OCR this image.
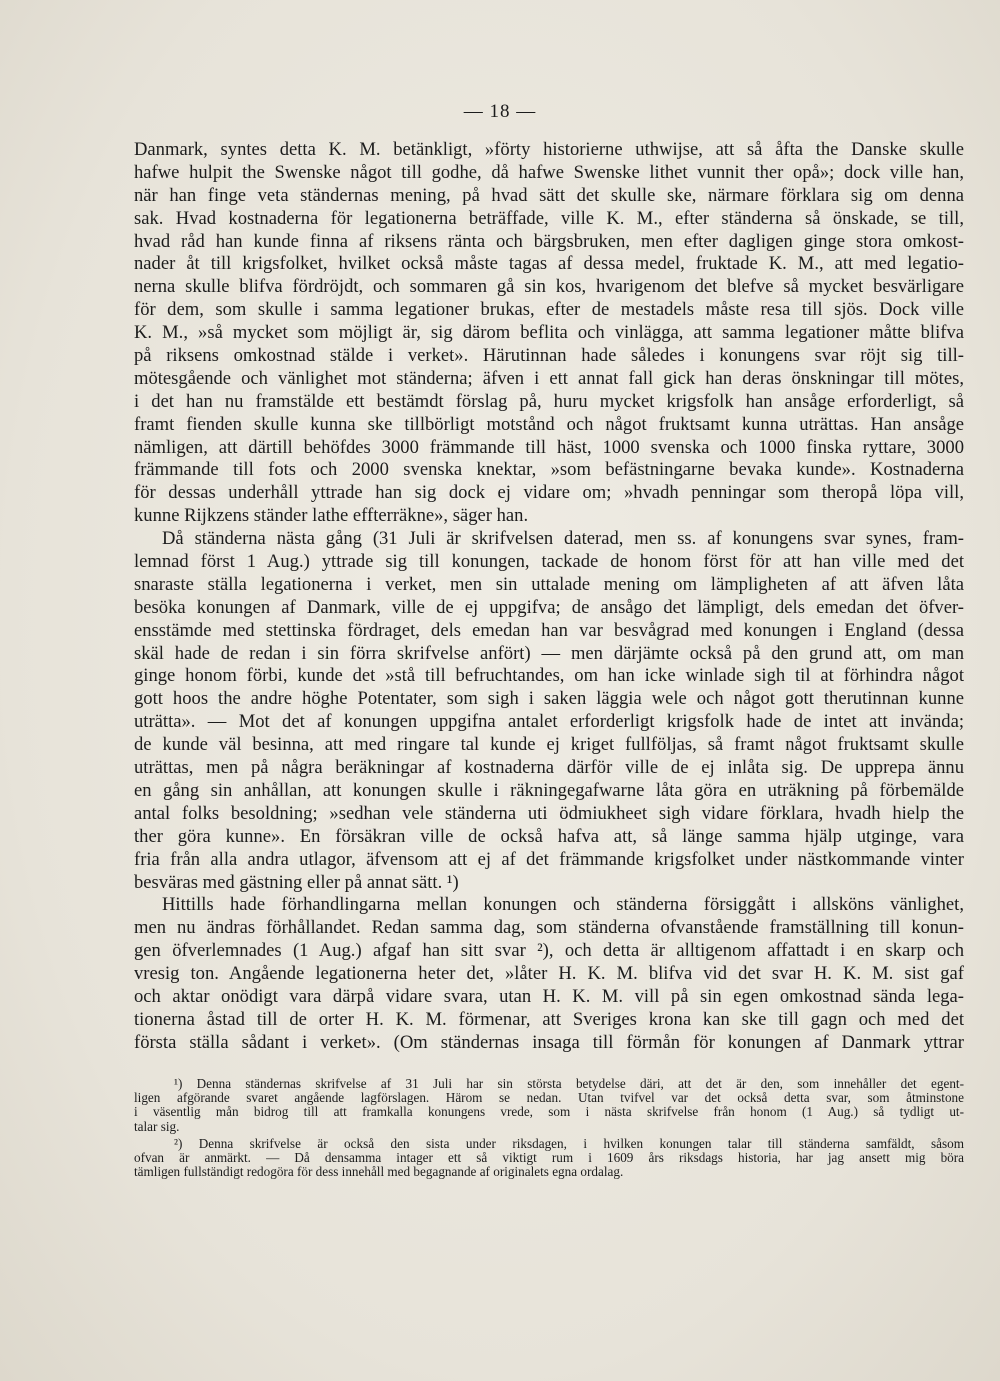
— 18 —
Danmark, syntes detta K. M. betänkligt, »förty historierne uthwijse, att så åfta the Danske skulle
hafwe hulpit the Swenske något till godhe, då hafwe Swenske lithet vunnit ther opå»; dock ville han,
när han finge veta ständernas mening, på hvad sätt det skulle ske, närmare förklara sig om denna
sak. Hvad kostnaderna för legationerna beträffade, ville K. M., efter ständerna så önskade, se till,
hvad råd han kunde finna af riksens ränta och bärgsbruken, men efter dagligen ginge stora omkost-
nader åt till krigsfolket, hvilket också måste tagas af dessa medel, fruktade K. M., att med legatio-
nerna skulle blifva fördröjdt, och sommaren gå sin kos, hvarigenom det blefve så mycket besvärligare
för dem, som skulle i samma legationer brukas, efter de mestadels måste resa till sjös. Dock ville
K. M., »så mycket som möjligt är, sig därom beflita och vinlägga, att samma legationer måtte blifva
på riksens omkostnad stälde i verket». Härutinnan hade således i konungens svar röjt sig till-
mötesgående och vänlighet mot ständerna; äfven i ett annat fall gick han deras önskningar till mötes,
i det han nu framstälde ett bestämdt förslag på, huru mycket krigsfolk han ansåge erforderligt, så
framt fienden skulle kunna ske tillbörligt motstånd och något fruktsamt kunna uträttas. Han ansåge
nämligen, att därtill behöfdes 3000 främmande till häst, 1000 svenska och 1000 finska ryttare, 3000
främmande till fots och 2000 svenska knektar, »som befästningarne bevaka kunde». Kostnaderna
för dessas underhåll yttrade han sig dock ej vidare om; »hvadh penningar som theropå löpa vill,
kunne Rijkzens ständer lathe effterräkne», säger han.
Då ständerna nästa gång (31 Juli är skrifvelsen daterad, men ss. af konungens svar synes, fram-
lemnad först 1 Aug.) yttrade sig till konungen, tackade de honom först för att han ville med det
snaraste ställa legationerna i verket, men sin uttalade mening om lämpligheten af att äfven låta
besöka konungen af Danmark, ville de ej uppgifva; de ansågo det lämpligt, dels emedan det öfver-
ensstämde med stettinska fördraget, dels emedan han var besvågrad med konungen i England (dessa
skäl hade de redan i sin förra skrifvelse anfört) — men därjämte också på den grund att, om man
ginge honom förbi, kunde det »stå till befruchtandes, om han icke winlade sigh til at förhindra något
gott hoos the andre höghe Potentater, som sigh i saken läggia wele och något gott therutinnan kunne
uträtta». — Mot det af konungen uppgifna antalet erforderligt krigsfolk hade de intet att invända;
de kunde väl besinna, att med ringare tal kunde ej kriget fullföljas, så framt något fruktsamt skulle
uträttas, men på några beräkningar af kostnaderna därför ville de ej inlåta sig. De upprepa ännu
en gång sin anhållan, att konungen skulle i räkningegafwarne låta göra en uträkning på förbemälde
antal folks besoldning; »sedhan vele ständerna uti ödmiukheet sigh vidare förklara, hvadh hielp the
ther göra kunne». En försäkran ville de också hafva att, så länge samma hjälp utginge, vara
fria från alla andra utlagor, äfvensom att ej af det främmande krigsfolket under nästkommande vinter
besväras med gästning eller på annat sätt. ¹)
Hittills hade förhandlingarna mellan konungen och ständerna försiggått i allsköns vänlighet,
men nu ändras förhållandet. Redan samma dag, som ständerna ofvanstående framställning till konun-
gen öfverlemnades (1 Aug.) afgaf han sitt svar ²), och detta är alltigenom affattadt i en skarp och
vresig ton. Angående legationerna heter det, »låter H. K. M. blifva vid det svar H. K. M. sist gaf
och aktar onödigt vara därpå vidare svara, utan H. K. M. vill på sin egen omkostnad sända lega-
tionerna åstad till de orter H. K. M. förmenar, att Sveriges krona kan ske till gagn och med det
första ställa sådant i verket». (Om ständernas insaga till förmån för konungen af Danmark yttrar
¹) Denna ständernas skrifvelse af 31 Juli har sin största betydelse däri, att det är den, som innehåller det egent-
ligen afgörande svaret angående lagförslagen. Härom se nedan. Utan tvifvel var det också detta svar, som åtminstone
i väsentlig mån bidrog till att framkalla konungens vrede, som i nästa skrifvelse från honom (1 Aug.) så tydligt ut-
talar sig.
²) Denna skrifvelse är också den sista under riksdagen, i hvilken konungen talar till ständerna samfäldt, såsom
ofvan är anmärkt. — Då densamma intager ett så viktigt rum i 1609 års riksdags historia, har jag ansett mig böra
tämligen fullständigt redogöra för dess innehåll med begagnande af originalets egna ordalag.
